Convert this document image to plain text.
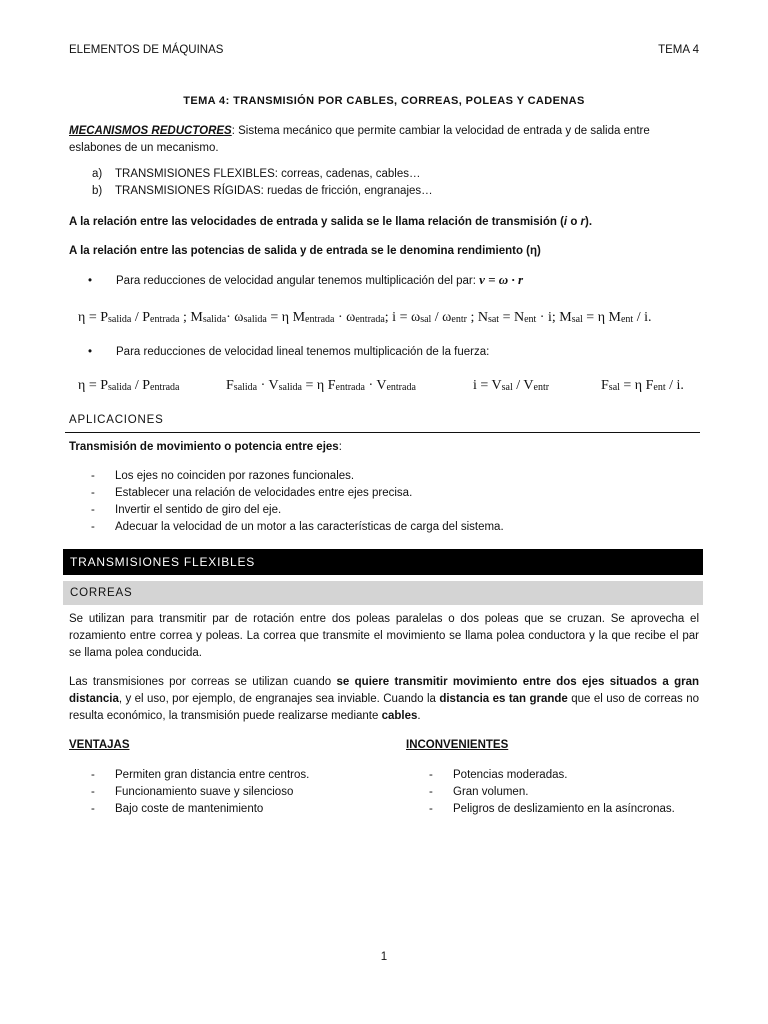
ELEMENTOS DE MÁQUINAS	TEMA 4
TEMA 4: TRANSMISIÓN POR CABLES, CORREAS, POLEAS Y CADENAS
MECANISMOS REDUCTORES: Sistema mecánico que permite cambiar la velocidad de entrada y de salida entre eslabones de un mecanismo.
a)	TRANSMISIONES FLEXIBLES: correas, cadenas, cables…
b)	TRANSMISIONES RÍGIDAS: ruedas de fricción, engranajes…
A la relación entre las velocidades de entrada y salida se le llama relación de transmisión (i o r).
A la relación entre las potencias de salida y de entrada se le denomina rendimiento (η)
• Para reducciones de velocidad angular tenemos multiplicación del par: v = ω · r
$\eta = P_{salida} / P_{entrada}$ ; $M_{salida}\cdot \omega_{salida} = \eta$ $M_{entrada} \cdot \omega_{entrada}$; $i = \omega_{sal} / \omega_{entr}$ ; $N_{sat} = N_{ent} \cdot i$; $M_{sal} = \eta$ $M_{ent}$ / i.
• Para reducciones de velocidad lineal tenemos multiplicación de la fuerza:
$\eta = P_{salida} / P_{entrada}$	$F_{salida} \cdot V_{salida} = \eta$ $F_{entrada} \cdot V_{entrada}$	$i = V_{sal} / V_{entr}$	$F_{sal} = \eta$ $F_{ent}$ / i.
APLICACIONES
Transmisión de movimiento o potencia entre ejes:
-	Los ejes no coinciden por razones funcionales.
-	Establecer una relación de velocidades entre ejes precisa.
-	Invertir el sentido de giro del eje.
-	Adecuar la velocidad de un motor a las características de carga del sistema.
TRANSMISIONES FLEXIBLES
CORREAS
Se utilizan para transmitir par de rotación entre dos poleas paralelas o dos poleas que se cruzan. Se aprovecha el rozamiento entre correa y poleas. La correa que transmite el movimiento se llama polea conductora y la que recibe el par se llama polea conducida.
Las transmisiones por correas se utilizan cuando se quiere transmitir movimiento entre dos ejes situados a gran distancia, y el uso, por ejemplo, de engranajes sea inviable. Cuando la distancia es tan grande que el uso de correas no resulta económico, la transmisión puede realizarse mediante cables.
VENTAJAS
-	Permiten gran distancia entre centros.
-	Funcionamiento suave y silencioso
-	Bajo coste de mantenimiento
INCONVENIENTES
-	Potencias moderadas.
-	Gran volumen.
-	Peligros de deslizamiento en la asíncronas.
1
